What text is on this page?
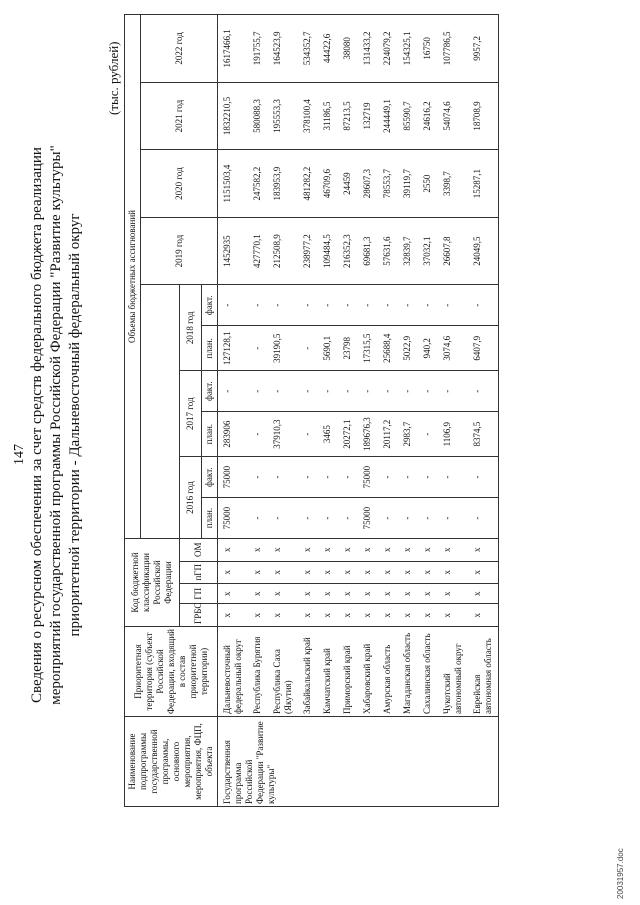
147 Сведения о ресурсном обеспечении за счет средств федерального бюджета реализации мероприятий государственной программы Российской Федерации "Развитие культуры" приоритетной территории - Дальневосточный федеральный округ
(тыс. рублей)
Наименование подпрограммы государственной программы, основного мероприятия, мероприятия, ФЦП, объекта	Приоритетная территория (субъект Российской Федерации, входящий в состав приоритетной территории)	Код бюджетной классификации Российской Федерации				Объемы бюджетных ассигнований									
												2019 год	2020 год	2021 год	2022 год
		ГРБС	ГП	пГП	ОМ	2016 год		2017 год		2018 год					
						план.	факт.	план.	факт.	план.	факт.				
Государственная программа Российской Федерации "Развитие культуры"	Дальневосточный федеральный округ	х	х	х	х	75000	75000	283906	-	127128,1	-	1452935	1151503,4	1832210,5	1617466,1
	Республика Бурятия	х	х	х	х	-	-	-	-	-	-	427770,1	247582,2	580088,3	191755,7
	Республика Саха (Якутия)	х	х	х	х	-	-	37910,3	-	39190,5	-	212508,9	183953,9	195553,3	164523,9
	Забайкальский край	х	х	х	х	-	-	-	-	-	-	238977,2	481282,2	378100,4	534352,7
	Камчатский край	х	х	х	х	-	-	3465	-	5690,1	-	109484,5	46709,6	31186,5	44422,6
	Приморский край	х	х	х	х	-	-	20272,1	-	23798	-	216352,3	24459	87213,5	38080
	Хабаровский край	х	х	х	х	75000	75000	189676,3	-	17315,5	-	69681,3	28607,3	132719	131433,2
	Амурская область	х	х	х	х	-	-	20117,2	-	25688,4	-	57631,6	78553,7	244449,1	224079,2
	Магаданская область	х	х	х	х	-	-	2983,7	-	5022,9	-	32839,7	39119,7	85590,7	154325,1
	Сахалинская область	х	х	х	х	-	-	-	-	940,2	-	37032,1	2550	24616,2	16750
	Чукотский автономный округ	х	х	х	х	-	-	1106,9	-	3074,6	-	26607,8	3398,7	54074,6	107786,5
	Еврейская автономная область	х	х	х	х	-	-	8374,5	-	6407,9	-	24049,5	15287,1	18708,9	9957,2
20031957.doc
